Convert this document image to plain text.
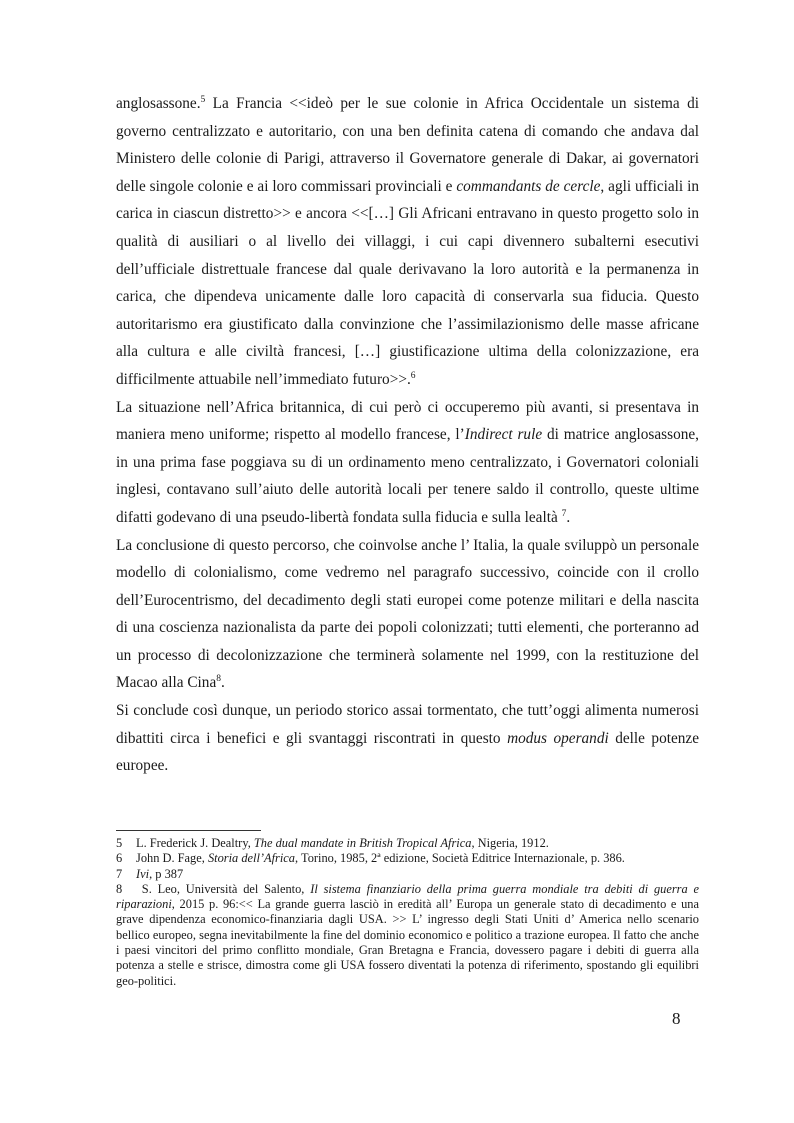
anglosassone.$^5$ La Francia <<ideò per le sue colonie in Africa Occidentale un sistema di governo centralizzato e autoritario, con una ben definita catena di comando che andava dal Ministero delle colonie di Parigi, attraverso il Governatore generale di Dakar, ai governatori delle singole colonie e ai loro commissari provinciali e commandants de cercle, agli ufficiali in carica in ciascun distretto>> e ancora <<[…] Gli Africani entravano in questo progetto solo in qualità di ausiliari o al livello dei villaggi, i cui capi divennero subalterni esecutivi dell’ufficiale distrettuale francese dal quale derivavano la loro autorità e la permanenza in carica, che dipendeva unicamente dalle loro capacità di conservarla sua fiducia. Questo autoritarismo era giustificato dalla convinzione che l’assimilazionismo delle masse africane alla cultura e alle civiltà francesi, […] giustificazione ultima della colonizzazione, era difficilmente attuabile nell’immediato futuro>>.$^6$

La situazione nell’Africa britannica, di cui però ci occuperemo più avanti, si presentava in maniera meno uniforme; rispetto al modello francese, l’Indirect rule di matrice anglosassone, in una prima fase poggiava su di un ordinamento meno centralizzato, i Governatori coloniali inglesi, contavano sull’aiuto delle autorità locali per tenere saldo il controllo, queste ultime difatti godevano di una pseudo-libertà fondata sulla fiducia e sulla lealtà $^7$.

La conclusione di questo percorso, che coinvolse anche l’ Italia, la quale sviluppò un personale modello di colonialismo, come vedremo nel paragrafo successivo, coincide con il crollo dell’Eurocentrismo, del decadimento degli stati europei come potenze militari e della nascita di una coscienza nazionalista da parte dei popoli colonizzati; tutti elementi, che porteranno ad un processo di decolonizzazione che terminerà solamente nel 1999, con la restituzione del Macao alla Cina$^8$.

Si conclude così dunque, un periodo storico assai tormentato, che tutt’oggi alimenta numerosi dibattiti circa i benefici e gli svantaggi riscontrati in questo modus operandi delle potenze europee.

5 L. Frederick J. Dealtry, The dual mandate in British Tropical Africa, Nigeria, 1912.
6 John D. Fage, Storia dell’Africa, Torino, 1985, 2ª edizione, Società Editrice Internazionale, p. 386.
7 Ivi, p 387
8 S. Leo, Università del Salento, Il sistema finanziario della prima guerra mondiale tra debiti di guerra e riparazioni, 2015 p. 96:<< La grande guerra lasciò in eredità all’ Europa un generale stato di decadimento e una grave dipendenza economico-finanziaria dagli USA. >> L’ ingresso degli Stati Uniti d’ America nello scenario bellico europeo, segna inevitabilmente la fine del dominio economico e politico a trazione europea. Il fatto che anche i paesi vincitori del primo conflitto mondiale, Gran Bretagna e Francia, dovessero pagare i debiti di guerra alla potenza a stelle e strisce, dimostra come gli USA fossero diventati la potenza di riferimento, spostando gli equilibri geo-politici.
8
